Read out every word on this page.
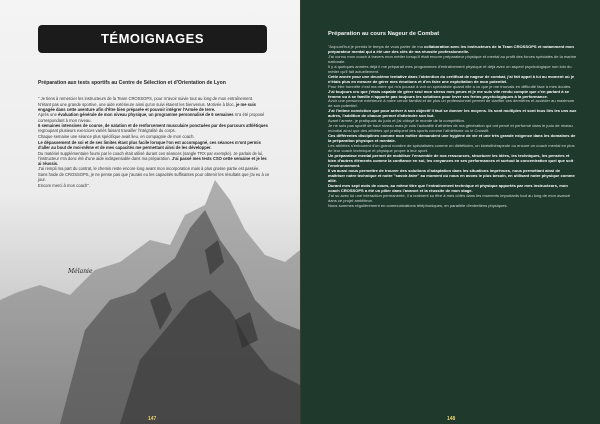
TÉMOIGNAGES
Préparation aux tests sportifs au Centre de Sélection et d'Orientation de Lyon

" Je tiens à remercier les instructeurs de la Team CROSSOPS, pour m'avoir suivie tout au long de mon entraînement.

N'étant pas une grande sportive, une aide extérieure ainsi qu'un suivi étaient les bienvenus. Motivée à bloc, je me suis engagée dans cette aventure afin d'être bien préparée et pouvoir intégrer l'Armée de terre.

Après une évaluation générale de mon niveau physique, un programme personnalisé de 6 semaines m'a été proposé correspondant à mon niveau.

6 semaines intensives de course, de natation et de renforcement musculaire ponctuées par des parcours athlétiques regroupant plusieurs exercices variés faisant travailler l'intégralité du corps.

Chaque semaine une séance plus spécifique avait lieu, en compagnie de mon coach.

Le dépassement de soi et de ses limites étant plus facile lorsque l'on est accompagné, ces séances m'ont permis d'aller au bout de moi-même et de mes capacités me permettant ainsi de les développer.

Du matériel supplémentaire fourni par le coach était utilisé durant ces séances (sangle TRX par exemple). Je parlais de lui, l'instructeur m'a donc été d'une aide indispensable dans ma préparation. J'ai passé mes tests CSO cette semaine et je les ai réussis.

J'ai rempli ma part du contrat, le chemin reste encore long avant mon incorporation mais à plus grosse partie est passée.

Sans l'aide de CROSSOPS, je ne pense pas que j'aurais eu les capacités suffisantes pour obtenir les résultats que j'ai eu à ce jour.

Encore merci à mon coach".

Mélanie
147	148
Préparation au cours Nageur de Combat

"Aujourd'hui je prends le temps de vous parler de ma collaboration avec les instructeurs de la Team CROSSOPS et notamment mon préparateur mental qui a été une des clés de ma réussite professionnelle.

J'ai connu mon coach à travers mon métier lorsqu'il était encore préparateur physique et mental au profit des forces spéciales de la marine nationale.

Il y a quelques années déjà il me préparait mes programmes d'entraînement physique et déjà avec un aspect psychologique non loin du métier qu'il fait actuellement.

Cette année pour une deuxième tentative dans l'obtention du certificat de nageur de combat, j'ai fait appel à lui au moment où je n'étais plus en mesure de gérer mes émotions et d'en faire une exploitation de mon potentiel.

Pour être honnête c'est ma mère qui m'a poussé à voir un spécialiste quand elle a vu que je me trouvais en difficulté face à mes doutes.

J'ai toujours cru que j'étais capable de gérer seul mon stress mes peurs et je me suis vite rendu compte que c'en parlant à se femme ou à se famille n'apporte pas toujours les solutions pour lever ses freins psychologiques à la performance.

Avoir une personne extérieure à notre cercle familial et de plus un professionnel permet de clarifier ces dernières et accéder au maximum de son potentiel.

J'ai l'intime conviction que pour arriver à son objectif il faut se donner les moyens. Ils sont multiples et sont tous liés les uns aux autres, l'addition de chacun permet d'atteindre son but.

Avant l'armée, je pratiquais du judo et j'ai côtoyé le monde de la compétition.

Je ne suis pas sportif de haut niveau mais je vois l'actualité d'athlètes de ma génération qui ont percé et performé dans le judo de niveau mondial ainsi que des athlètes qui pratiquent des sports comme l'athlétisme ou le Crossfit.

Ces différentes disciplines comme mon métier demandent une hygiène de vie et une très grande exigence dans les domaines de la préparation physique et mentale.

Les athlètes s'entourent d'un grand nombre de spécialistes comme un diététicien, un kinésithérapeute ou encore un coach mental en plus de leur coach technique et physique propre à leur sport.

Un préparateur mental permet de mobiliser l'ensemble de nos ressources, structurer les idées, les techniques, les pensées et bien d'autres éléments comme la confiance en soi, les croyances en ses performances et surtout la concentration quel que soit l'environnement.

Il va aussi nous permettre de trouver des solutions d'adaptation dans les situations imprévues, nous permettant ainsi de maîtriser notre technique et notre "savoir-faire" au moment où nous en avons le plus besoin, en utilisant notre physique comme allié.

Durant mes sept mois de cours, au même titre que l'entraînement technique et physique apportés par mes instructeurs, mon coach CROSSOPS a été un pilier dans l'avancé et la réussite de mon stage.

J'ai su avec lui une interaction permanente, il a vraiment su être à mes côtés dans les moments importants tout au long de mon avancé dans ce projet ambitieux.

Nous sommes régulièrement en communications téléphoniques, en parallèle d'entretiens physiques.
